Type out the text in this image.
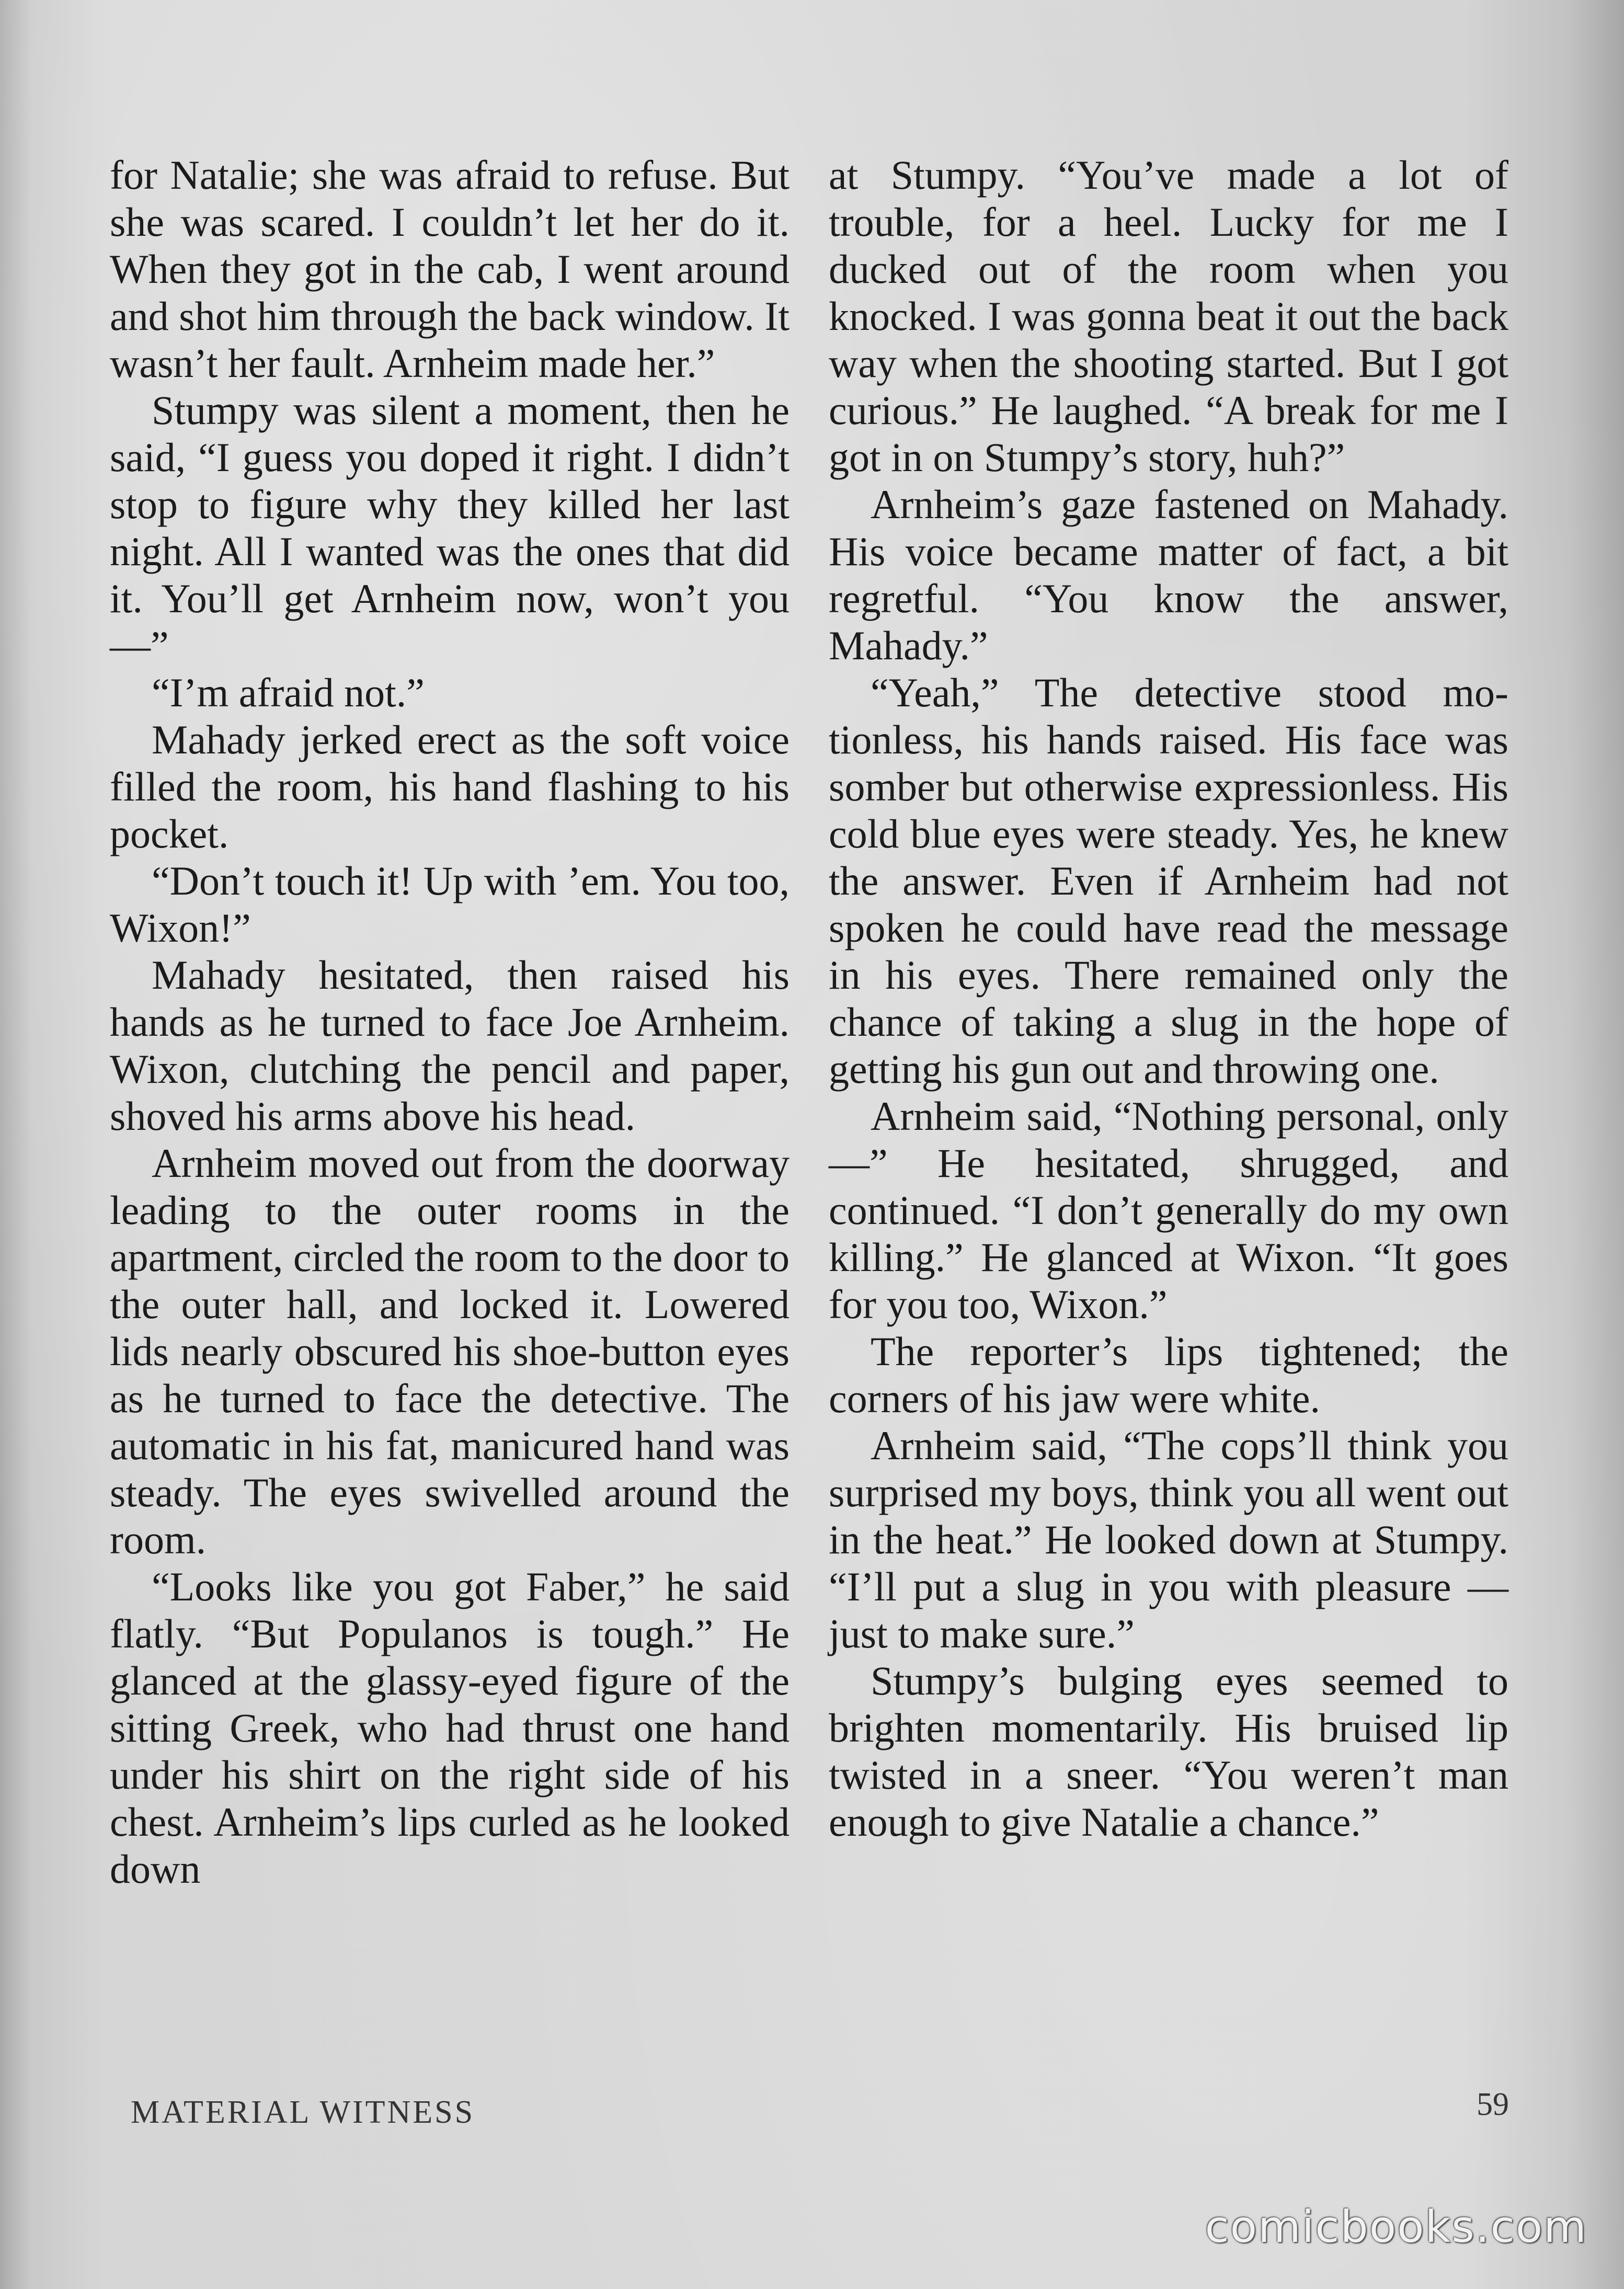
for Natalie; she was afraid to refuse. But she was scared. I couldn’t let her do it. When they got in the cab, I went around and shot him through the back window. It wasn’t her fault. Arnheim made her.”

Stumpy was silent a moment, then he said, “I guess you doped it right. I didn’t stop to figure why they killed her last night. All I wanted was the ones that did it. You’ll get Arnheim now, won’t you —”

“I’m afraid not.”

Mahady jerked erect as the soft voice filled the room, his hand flashing to his pocket.

“Don’t touch it! Up with ’em. You too, Wixon!”

Mahady hesitated, then raised his hands as he turned to face Joe Arnheim. Wixon, clutching the pencil and paper, shoved his arms above his head.

Arnheim moved out from the doorway leading to the outer rooms in the apartment, circled the room to the door to the outer hall, and locked it. Lowered lids nearly obscured his shoe-button eyes as he turned to face the detective. The automatic in his fat, manicured hand was steady. The eyes swivelled around the room.

“Looks like you got Faber,” he said flatly. “But Populanos is tough.” He glanced at the glassy-eyed figure of the sitting Greek, who had thrust one hand under his shirt on the right side of his chest. Arnheim’s lips curled as he looked down

at Stumpy. “You’ve made a lot of trouble, for a heel. Lucky for me I ducked out of the room when you knocked. I was gonna beat it out the back way when the shooting started. But I got curious.” He laughed. “A break for me I got in on Stumpy’s story, huh?”

Arnheim’s gaze fastened on Mahady. His voice became matter of fact, a bit regretful. “You know the answer, Mahady.”

“Yeah,” The detective stood motionless, his hands raised. His face was somber but otherwise expressionless. His cold blue eyes were steady. Yes, he knew the answer. Even if Arnheim had not spoken he could have read the message in his eyes. There remained only the chance of taking a slug in the hope of getting his gun out and throwing one.

Arnheim said, “Nothing personal, only —” He hesitated, shrugged, and continued. “I don’t generally do my own killing.” He glanced at Wixon. “It goes for you too, Wixon.”

The reporter’s lips tightened; the corners of his jaw were white.

Arnheim said, “The cops’ll think you surprised my boys, think you all went out in the heat.” He looked down at Stumpy. “I’ll put a slug in you with pleasure — just to make sure.”

Stumpy’s bulging eyes seemed to brighten momentarily. His bruised lip twisted in a sneer. “You weren’t man enough to give Natalie a chance.”

MATERIAL WITNESS	59
comicbooks.com
